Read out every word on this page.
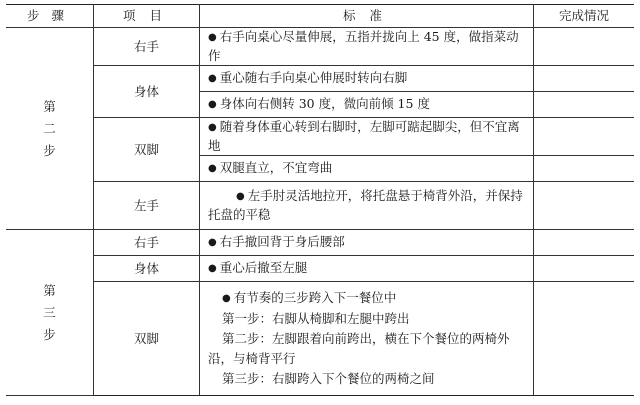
步骤	项目	标准	完成情况
第二步	右手	● 右手向桌心尽量伸展，五指并拢向上 45 度，做指菜动作	
	身体	● 重心随右手向桌心伸展时转向右脚	
		● 身体向右侧转 30 度，微向前倾 15 度	
	双脚	● 随着身体重心转到右脚时，左脚可踮起脚尖，但不宜离地	
		● 双腿直立，不宜弯曲	
	左手	● 左手肘灵活地拉开，将托盘悬于椅背外沿，并保持托盘的平稳	

第三步	右手	● 右手撤回背于身后腰部	
	身体	● 重心后撤至左腿	
	双脚	● 有节奏的三步跨入下一餐位中
第一步：右脚从椅脚和左腿中跨出
第二步：左脚跟着向前跨出，横在下个餐位的两椅外沿，与椅背平行
第三步：右脚跨入下个餐位的两椅之间	
